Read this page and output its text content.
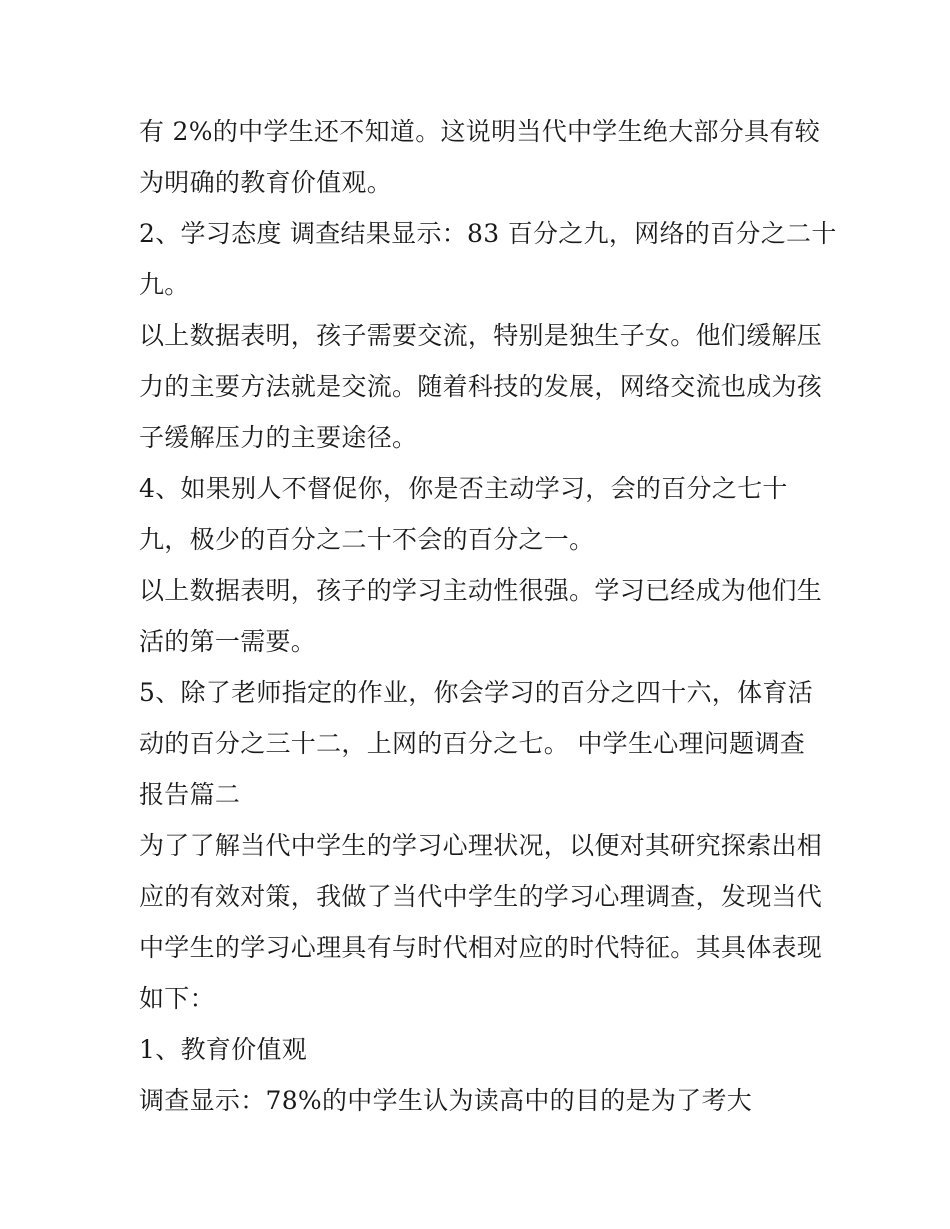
有 2%的中学生还不知道。这说明当代中学生绝大部分具有较
为明确的教育价值观。
2、学习态度 调查结果显示：83 百分之九，网络的百分之二十
九。
以上数据表明，孩子需要交流，特别是独生子女。他们缓解压
力的主要方法就是交流。随着科技的发展，网络交流也成为孩
子缓解压力的主要途径。
4、如果别人不督促你，你是否主动学习，会的百分之七十
九，极少的百分之二十不会的百分之一。
以上数据表明，孩子的学习主动性很强。学习已经成为他们生
活的第一需要。
5、除了老师指定的作业，你会学习的百分之四十六，体育活
动的百分之三十二，上网的百分之七。 中学生心理问题调查
报告篇二
为了了解当代中学生的学习心理状况，以便对其研究探索出相
应的有效对策，我做了当代中学生的学习心理调查，发现当代
中学生的学习心理具有与时代相对应的时代特征。其具体表现
如下：
1、教育价值观
调查显示：78%的中学生认为读高中的目的是为了考大
